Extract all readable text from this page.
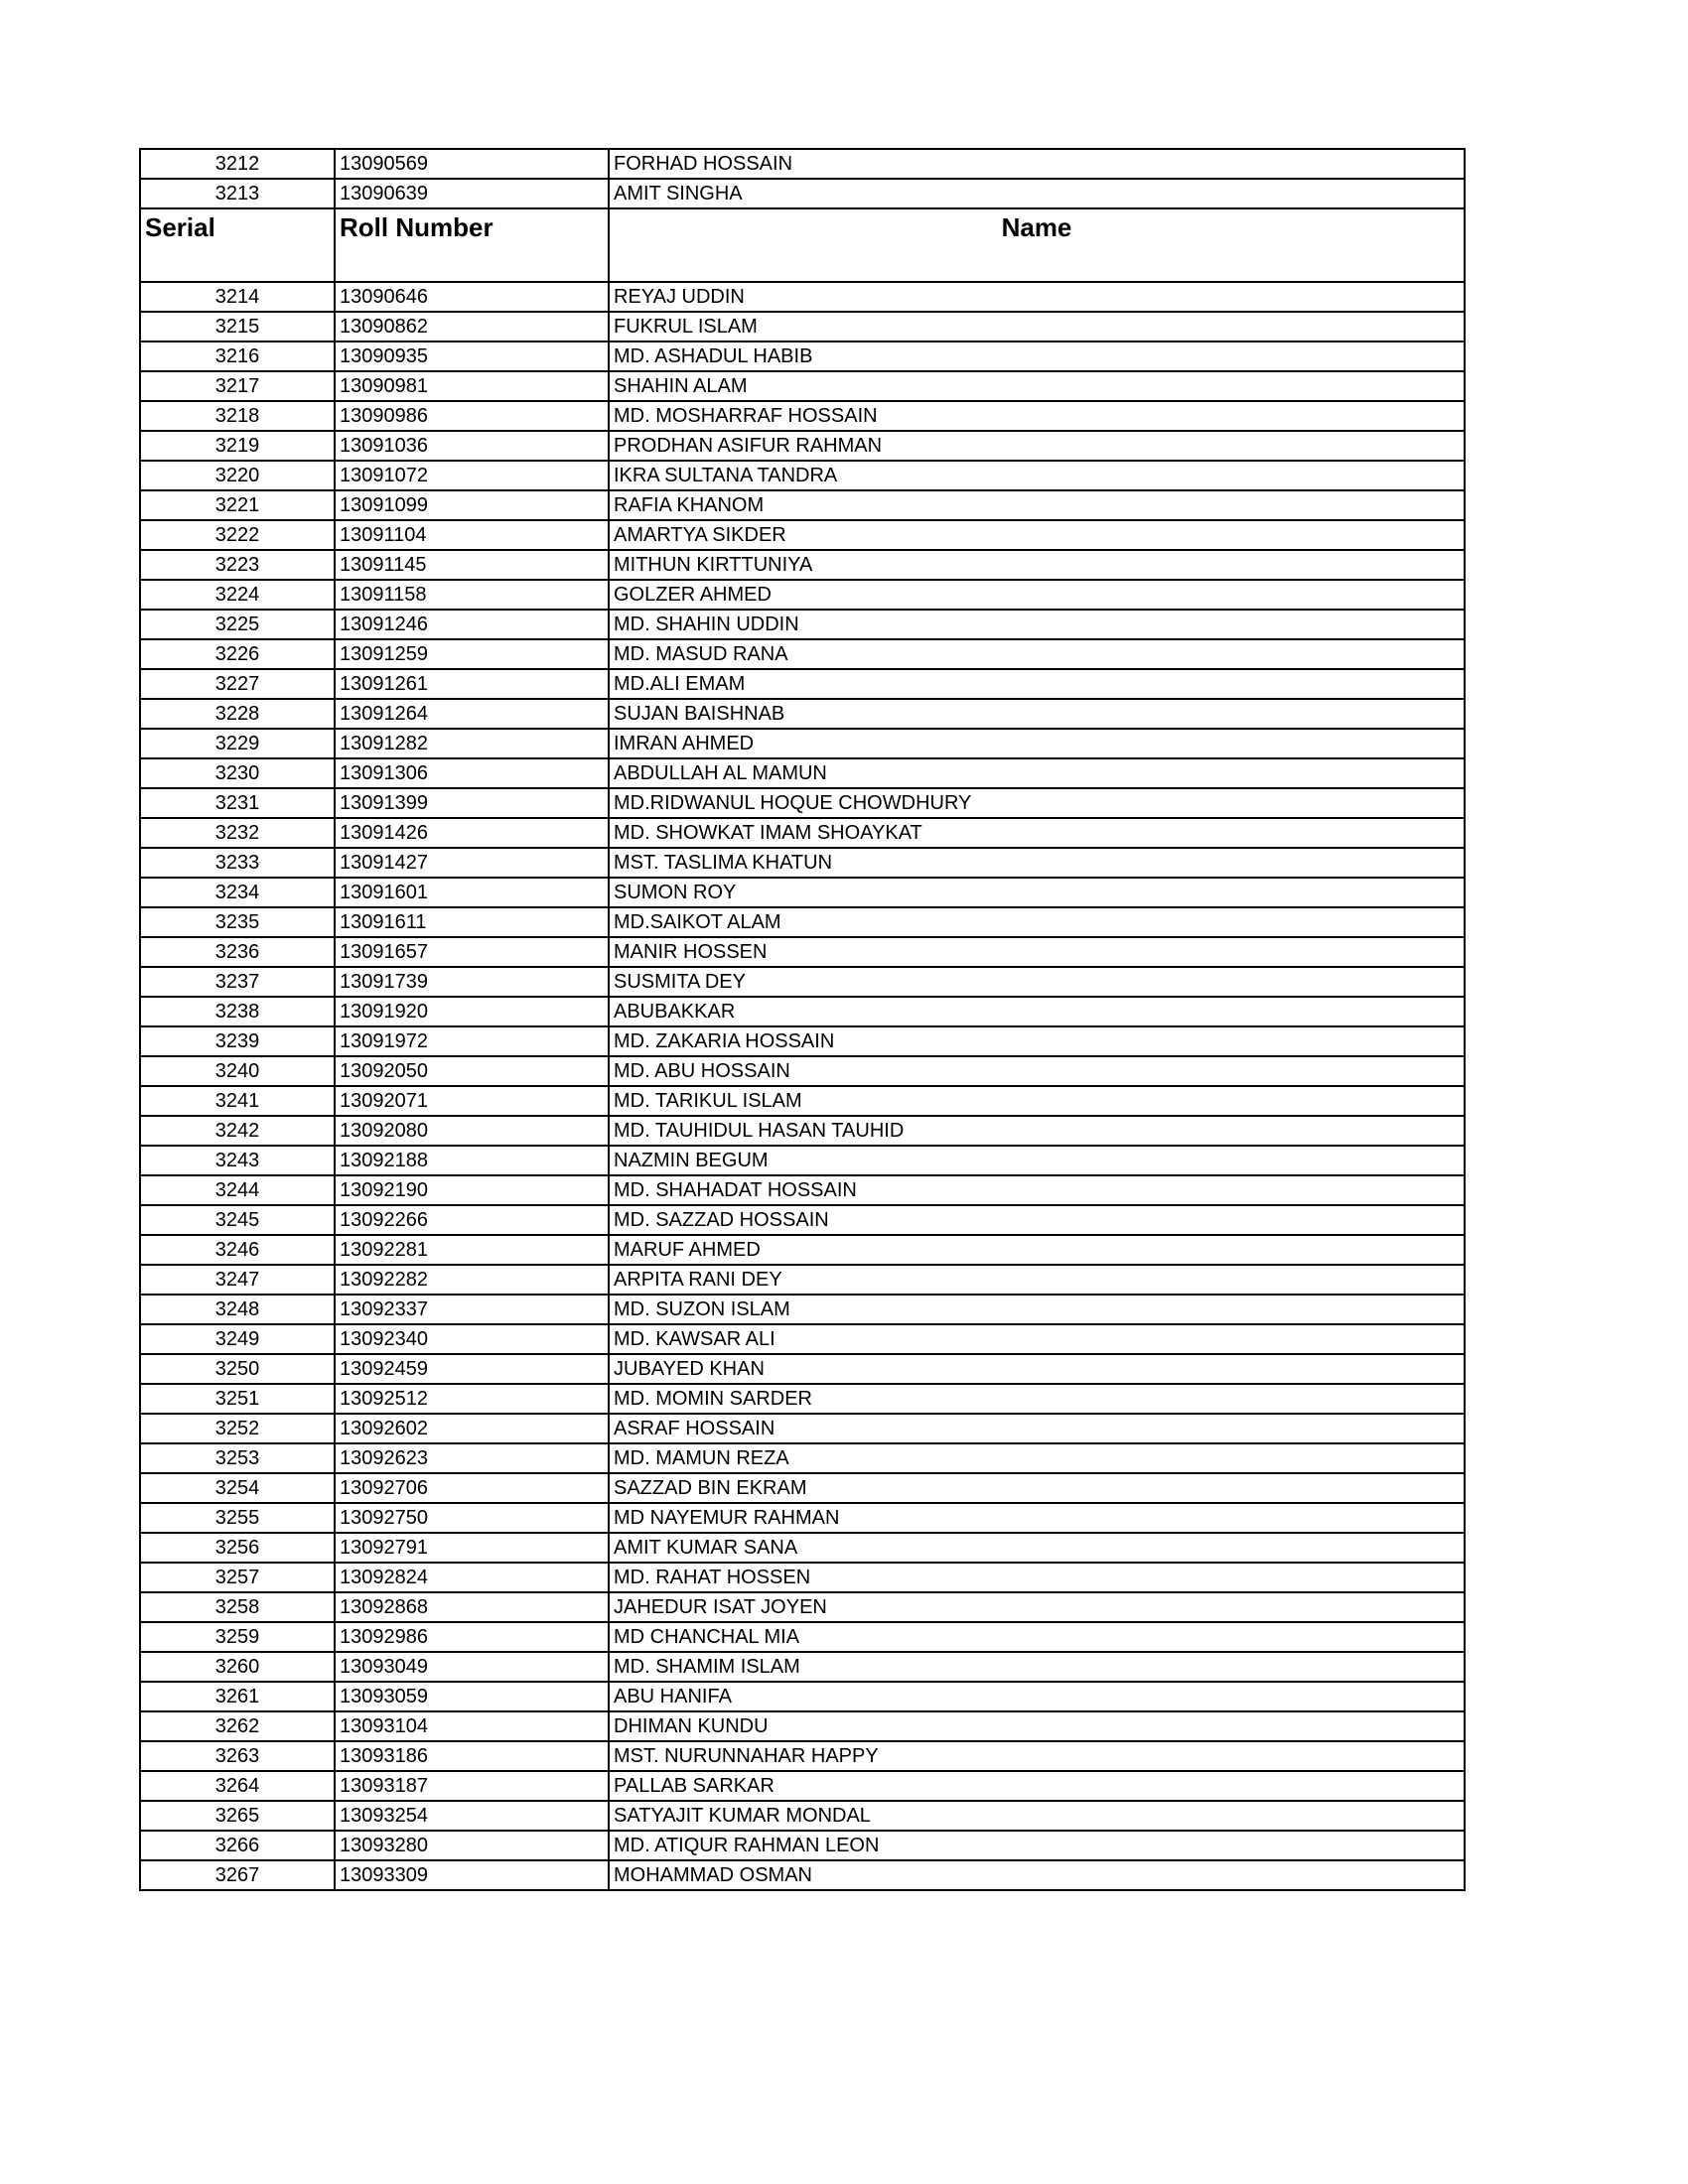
3212	13090569	FORHAD HOSSAIN
3213	13090639	AMIT SINGHA
Serial	Roll Number	Name

3214	13090646	REYAJ UDDIN
3215	13090862	FUKRUL ISLAM
3216	13090935	MD. ASHADUL HABIB
3217	13090981	SHAHIN ALAM
3218	13090986	MD. MOSHARRAF HOSSAIN
3219	13091036	PRODHAN ASIFUR RAHMAN
3220	13091072	IKRA SULTANA TANDRA
3221	13091099	RAFIA KHANOM
3222	13091104	AMARTYA SIKDER
3223	13091145	MITHUN KIRTTUNIYA
3224	13091158	GOLZER AHMED
3225	13091246	MD. SHAHIN UDDIN
3226	13091259	MD. MASUD RANA
3227	13091261	MD.ALI EMAM
3228	13091264	SUJAN BAISHNAB
3229	13091282	IMRAN AHMED
3230	13091306	ABDULLAH AL MAMUN
3231	13091399	MD.RIDWANUL HOQUE CHOWDHURY
3232	13091426	MD. SHOWKAT IMAM SHOAYKAT
3233	13091427	MST. TASLIMA KHATUN
3234	13091601	SUMON ROY
3235	13091611	MD.SAIKOT ALAM
3236	13091657	MANIR HOSSEN
3237	13091739	SUSMITA DEY
3238	13091920	ABUBAKKAR
3239	13091972	MD. ZAKARIA HOSSAIN
3240	13092050	MD. ABU HOSSAIN
3241	13092071	MD. TARIKUL ISLAM
3242	13092080	MD. TAUHIDUL HASAN TAUHID
3243	13092188	NAZMIN BEGUM
3244	13092190	MD. SHAHADAT HOSSAIN
3245	13092266	MD. SAZZAD HOSSAIN
3246	13092281	MARUF AHMED
3247	13092282	ARPITA RANI DEY
3248	13092337	MD. SUZON ISLAM
3249	13092340	MD. KAWSAR ALI
3250	13092459	JUBAYED KHAN
3251	13092512	MD. MOMIN SARDER
3252	13092602	ASRAF HOSSAIN
3253	13092623	MD. MAMUN REZA
3254	13092706	SAZZAD BIN EKRAM
3255	13092750	MD NAYEMUR RAHMAN
3256	13092791	AMIT KUMAR SANA
3257	13092824	MD. RAHAT HOSSEN
3258	13092868	JAHEDUR ISAT JOYEN
3259	13092986	MD CHANCHAL MIA
3260	13093049	MD. SHAMIM ISLAM
3261	13093059	ABU HANIFA
3262	13093104	DHIMAN KUNDU
3263	13093186	MST. NURUNNAHAR HAPPY
3264	13093187	PALLAB SARKAR
3265	13093254	SATYAJIT KUMAR MONDAL
3266	13093280	MD. ATIQUR RAHMAN LEON
3267	13093309	MOHAMMAD OSMAN
